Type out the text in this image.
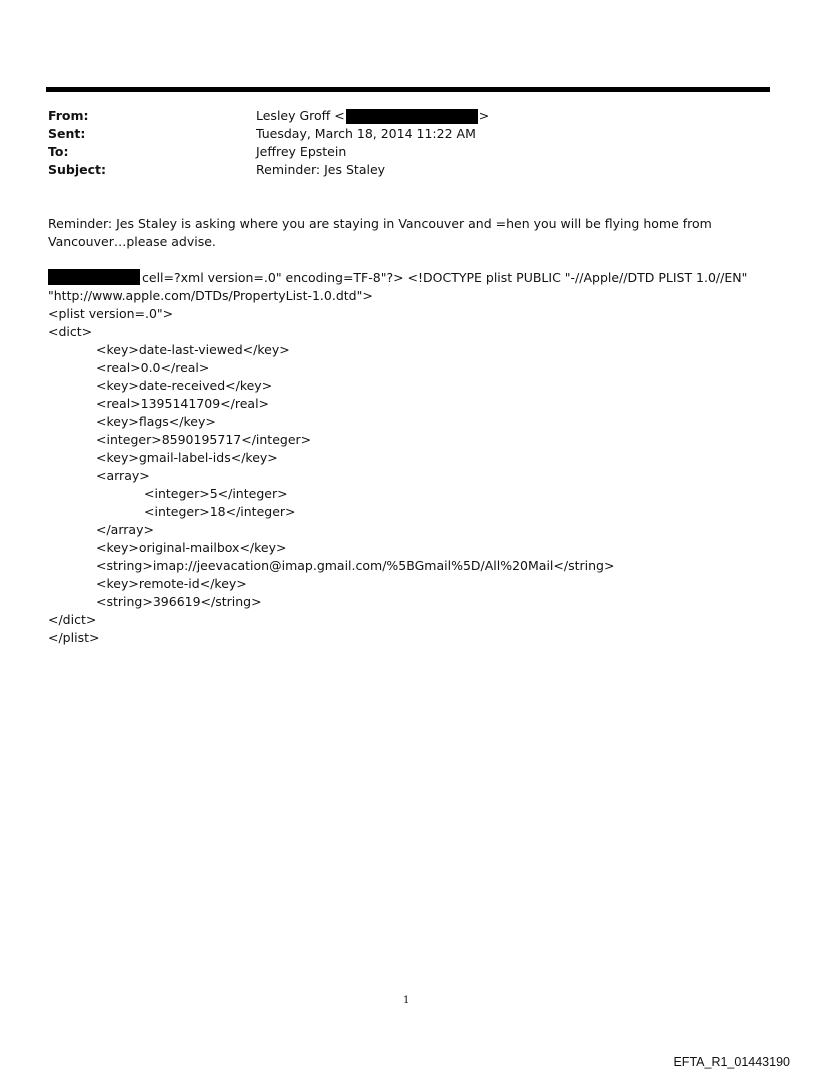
From:	Lesley Groff <	>
Sent:	Tuesday, March 18, 2014 11:22 AM
To:	Jeffrey Epstein
Subject:	Reminder: Jes Staley
Reminder: Jes Staley is asking where you are staying in Vancouver and =hen you will be flying home from
Vancouver…please advise.
cell=?xml version=.0" encoding=TF-8"?> <!DOCTYPE plist PUBLIC "-//Apple//DTD PLIST 1.0//EN"
"http://www.apple.com/DTDs/PropertyList-1.0.dtd">
<plist version=.0">
<dict>
<key>date-last-viewed</key>
<real>0.0</real>
<key>date-received</key>
<real>1395141709</real>
<key>flags</key>
<integer>8590195717</integer>
<key>gmail-label-ids</key>
<array>
<integer>5</integer>
<integer>18</integer>
</array>
<key>original-mailbox</key>
<string>imap://jeevacation@imap.gmail.com/%5BGmail%5D/All%20Mail</string>
<key>remote-id</key>
<string>396619</string>
</dict>
</plist>
1
EFTA_R1_01443190
